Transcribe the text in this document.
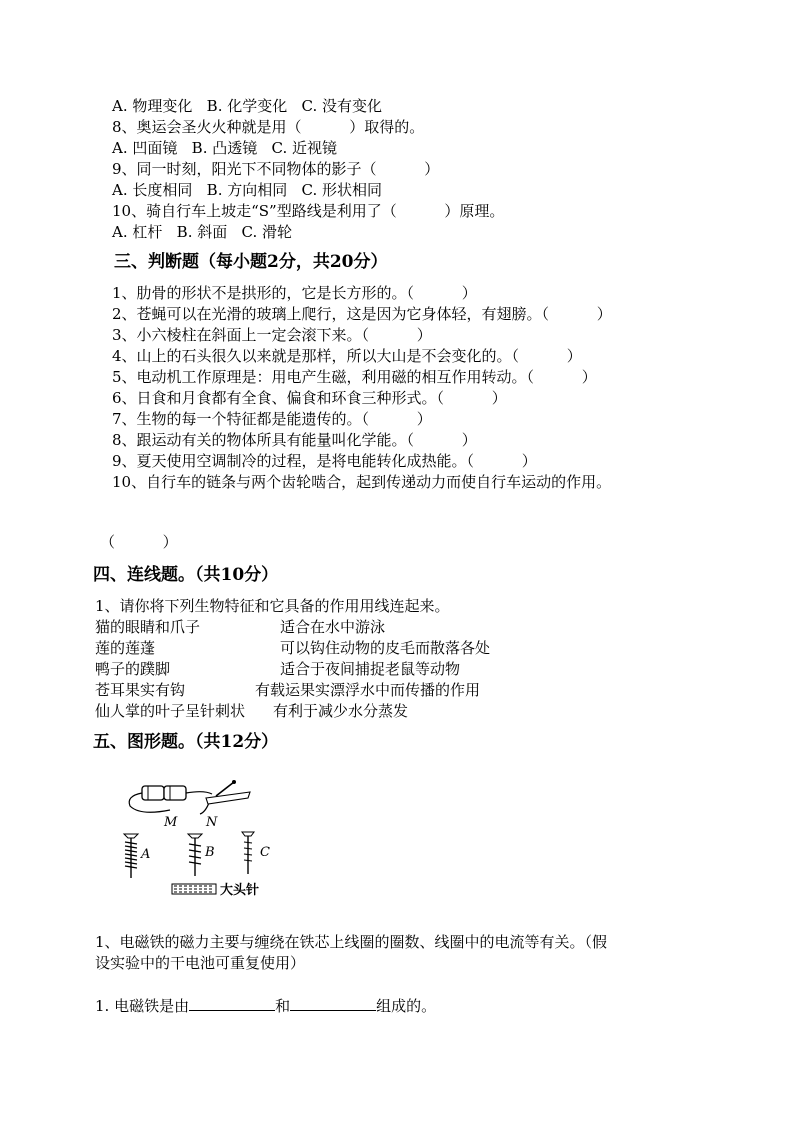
A. 物理变化   B. 化学变化   C. 没有变化
8、奥运会圣火火种就是用（          ）取得的。
A. 凹面镜   B. 凸透镜   C. 近视镜
9、同一时刻，阳光下不同物体的影子（          ）
A. 长度相同   B. 方向相同   C. 形状相同
10、骑自行车上坡走“S”型路线是利用了（          ）原理。
A. 杠杆   B. 斜面   C. 滑轮
三、判断题（每小题2分，共20分）
1、肋骨的形状不是拱形的，它是长方形的。（          ）
2、苍蝇可以在光滑的玻璃上爬行，这是因为它身体轻，有翅膀。（          ）
3、小六棱柱在斜面上一定会滚下来。（          ）
4、山上的石头很久以来就是那样，所以大山是不会变化的。（          ）
5、电动机工作原理是：用电产生磁，利用磁的相互作用转动。（          ）
6、日食和月食都有全食、偏食和环食三种形式。（          ）
7、生物的每一个特征都是能遗传的。（          ）
8、跟运动有关的物体所具有能量叫化学能。（          ）
9、夏天使用空调制冷的过程，是将电能转化成热能。（          ）
10、自行车的链条与两个齿轮啮合，起到传递动力而使自行车运动的作用。
（          ）
四、连线题。（共10分）
1、请你将下列生物特征和它具备的作用用线连起来。
猫的眼睛和爪子	适合在水中游泳
莲的莲蓬	可以钩住动物的皮毛而散落各处
鸭子的蹼脚	适合于夜间捕捉老鼠等动物
苍耳果实有钩	有载运果实漂浮水中而传播的作用
仙人掌的叶子呈针刺状 有利于减少水分蒸发
五、图形题。（共12分）
M N
A	B	C
大头针
1、电磁铁的磁力主要与缠绕在铁芯上线圈的圈数、线圈中的电流等有关。（假
设实验中的干电池可重复使用）
1. 电磁铁是由	和	组成的。
